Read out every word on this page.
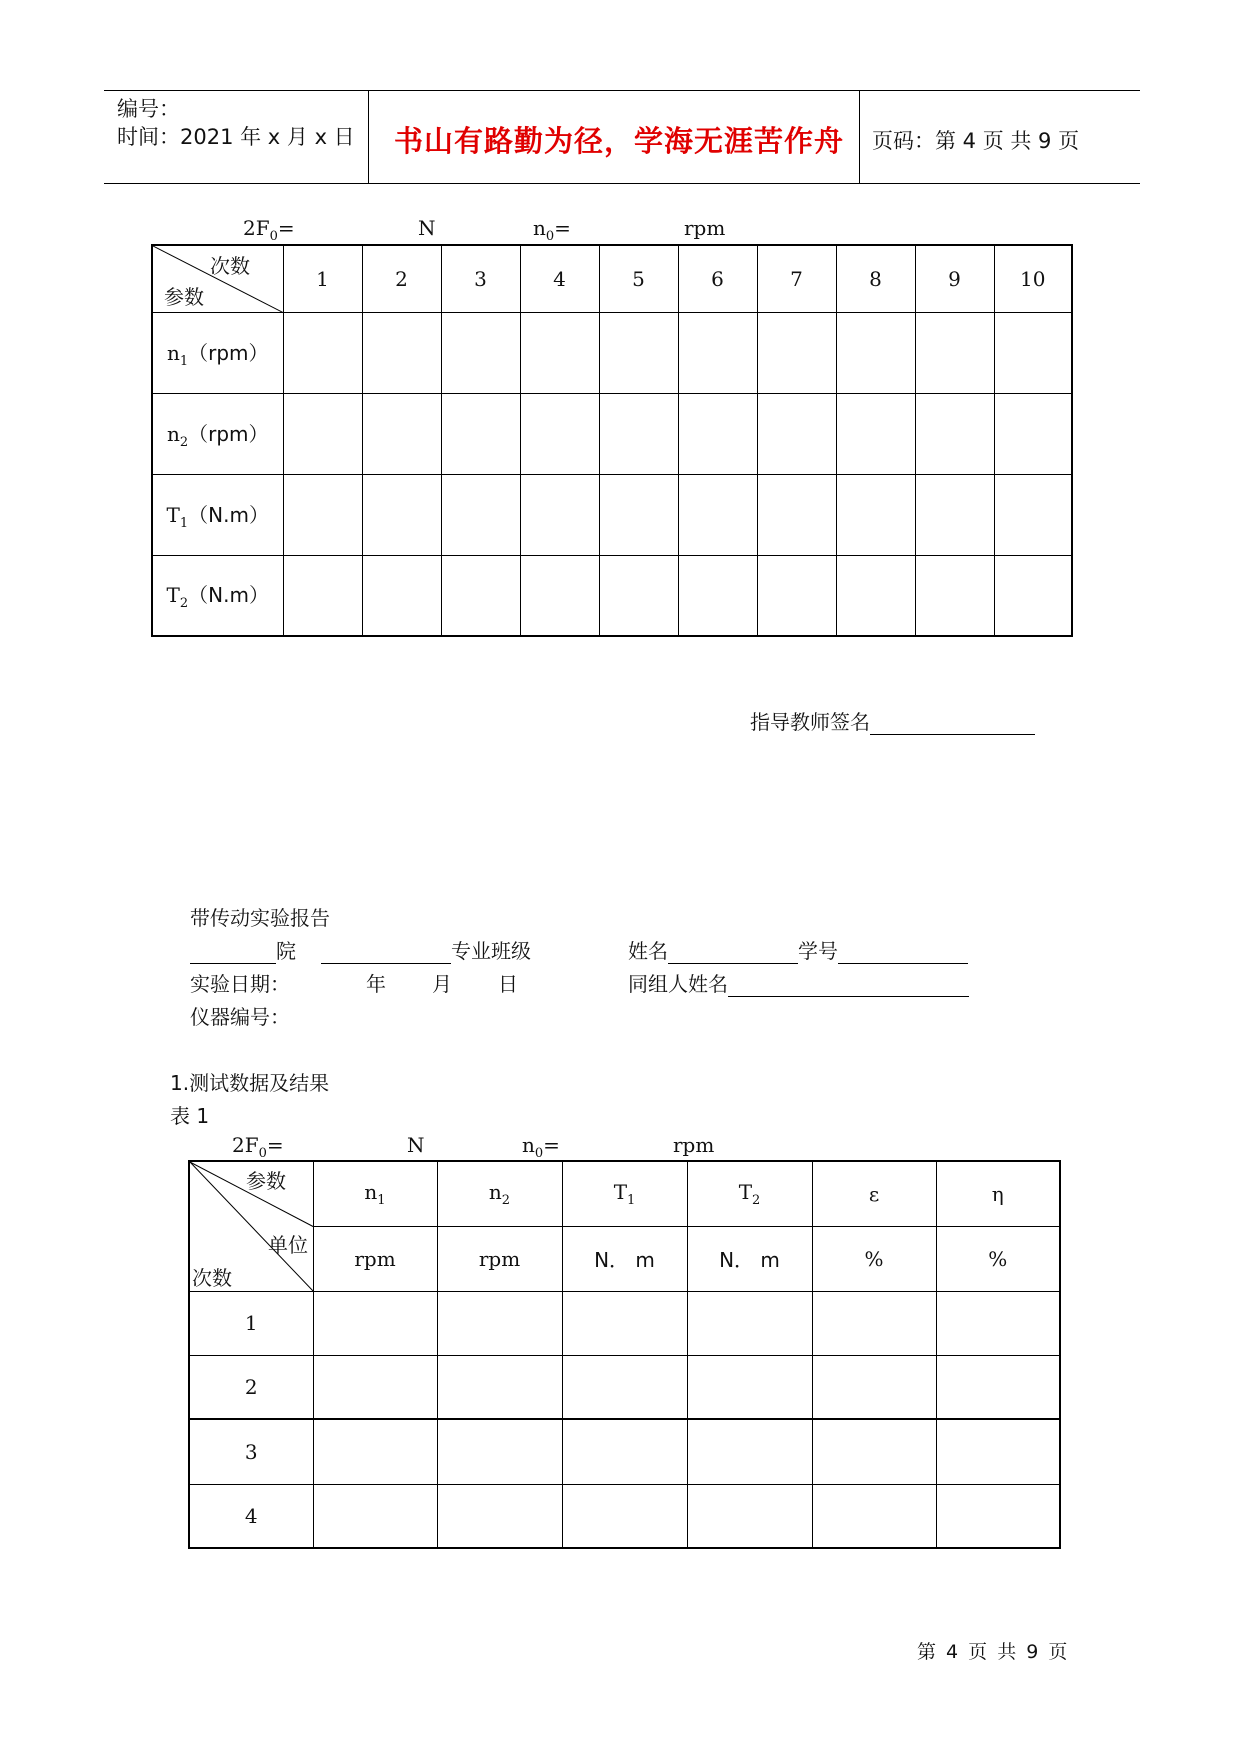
编号：
时间：2021 年 x 月 x 日 书山有路勤为径，学海无涯苦作舟 页码：第 4 页 共 9 页
$2F_0=$	N	$n_0=$	rpm
次数
参数	1	2	3	4	5	6	7	8	9	10
$n_1(rpm)$										
$n_2(rpm)$										
$T_1(N.m)$										
$T_2(N.m)$										
指导教师签名
带传动实验报告
院	专业班级	姓名	学号
实验日期：	年 月 日	同组人姓名
仪器编号：
1.测试数据及结果
表 1
$2F_0=$	N	$n_0=$	rpm
参数
单位
次数	$n_1$	$n_2$	$T_1$	$T_2$	ε	η
	rpm	rpm	N． m	N． m	%	%
1						
2						
3						
4						
第 4 页 共 9 页
